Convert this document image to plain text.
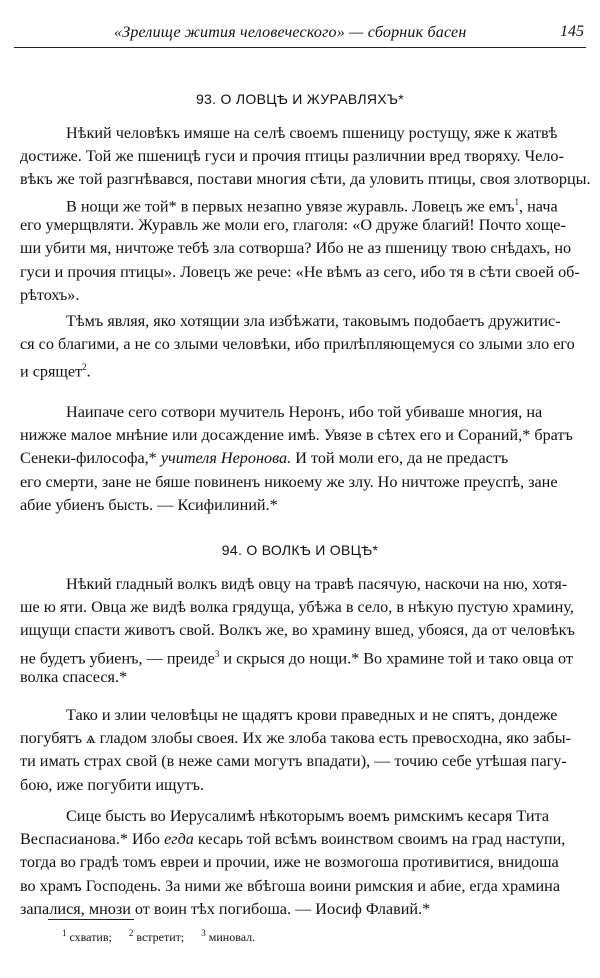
«Зрелище жития человеческого» — сборник басен	145
93. О ЛОВЦѢ И ЖУРАВЛЯХЪ*
Нѣкий человѣкъ имяше на селѣ своемъ пшеницу ростущу, яже к жатвѣ
достиже. Той же пшеницѣ гуси и прочия птицы различнии вред творяху. Чело-
вѣкъ же той разгнѣвався, постави многия сѣти, да уловить птицы, своя злотворцы.
В нощи же той* в первых незапно увязе журавль. Ловецъ же емъ$^1$, нача
его умерщвляти. Журавль же моли его, глаголя: «О друже благий! Почто хоще-
ши убити мя, ничтоже тебѣ зла сотворша? Ибо не аз пшеницу твою снѣдахъ, но
гуси и прочия птицы». Ловецъ же рече: «Не вѣмъ аз сего, ибо тя в сѣти своей об-
рѣтохъ».
Тѣмъ являя, яко хотящии зла избѣжати, таковымъ подобаетъ дружитис-
ся со благими, а не со злыми человѣки, ибо прилѣпляющемуся со злыми зло его
и срящет$^2$.
Наипаче сего сотвори мучитель Неронъ, ибо той убиваше многия, на
нижже малое мнѣние или досаждение имѣ. Увязе в сѣтех его и Сораний,* братъ
Сенеки-философа,* учителя Неронова. И той моли его, да не предастъ
его смерти, зане не бяше повиненъ никоему же злу. Но ничтоже преуспѣ, зане
абие убиенъ бысть. — Ксифилиний.*
94. О ВОЛКѢ И ОВЦѢ*
Нѣкий гладный волкъ видѣ овцу на травѣ пасячую, наскочи на ню, хотя-
ше ю яти. Овца же видѣ волка грядуща, убѣжа в село, в нѣкую пустую храмину,
ищущи спасти животъ свой. Волкъ же, во храмину вшед, убояся, да от человѣкъ
не будетъ убиенъ, — преиде$^3$ и скрыся до нощи.* Во храмине той и тако овца от
волка спасеся.*
Тако и злии человѣцы не щадятъ крови праведных и не спятъ, дондеже
погубятъ ѧ гладом злобы своея. Их же злоба такова есть превосходна, яко забы-
ти имать страх свой (в неже сами могутъ впадати), — точию себе утѣшая пагу-
бою, иже погубити ищутъ.
Сице бысть во Иерусалимѣ нѣкоторымъ воемъ римскимъ кесаря Тита
Веспасианова.* Ибо егда кесарь той всѣмъ воинством своимъ на град наступи,
тогда во градѣ томъ евреи и прочии, иже не возмогоша противитися, внидоша
во храмъ Господень. За ними же вбѣгоша воини римския и абие, егда храмина
запалися, мнози от воин тѣх погибоша. — Иосиф Флавий.*
$^1$ схватив; $^2$ встретит; $^3$ миновал.
